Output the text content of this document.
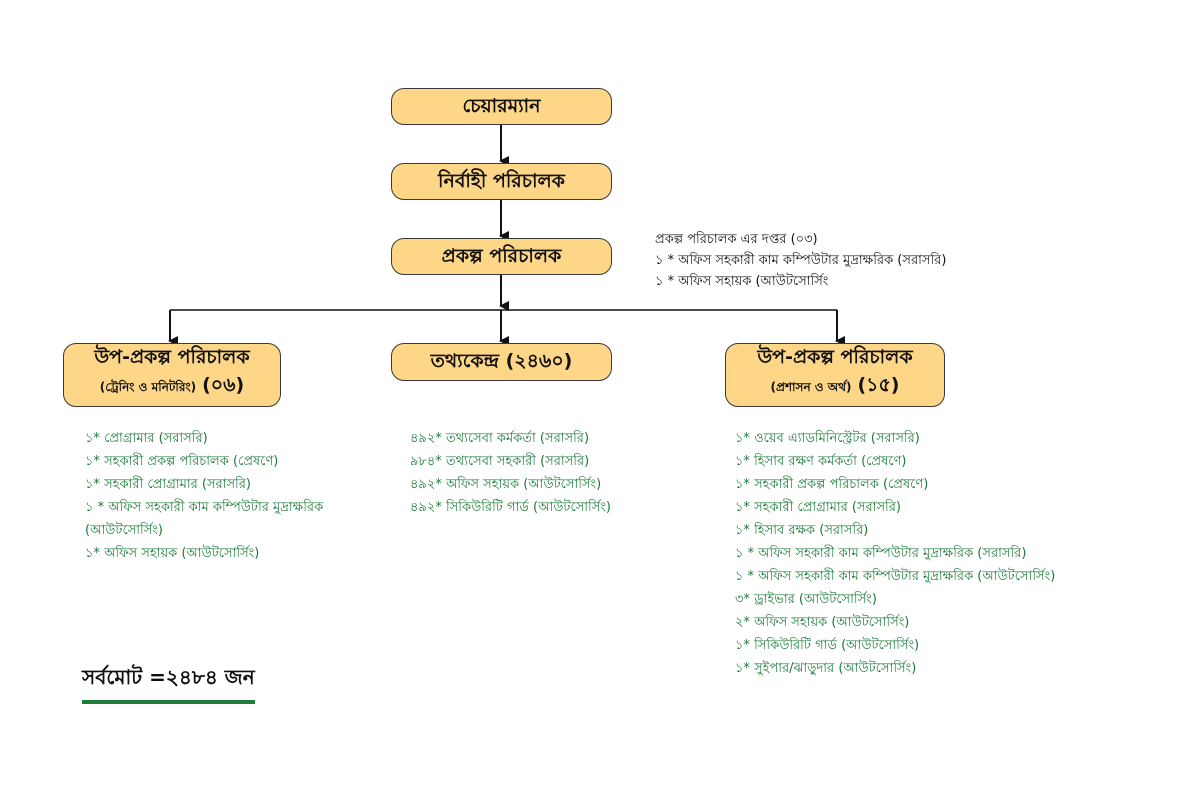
চেয়ারম্যান
নির্বাহী পরিচালক
প্রকল্প পরিচালক
প্রকল্প পরিচালক এর দপ্তর (০৩)
১ * অফিস সহকারী কাম কম্পিউটার মুদ্রাক্ষরিক (সরাসরি)
১ * অফিস সহায়ক (আউটসোর্সিং
উপ-প্রকল্প পরিচালক
(ট্রেনিং ও মনিটরিং) (০৬)
তথ্যকেন্দ্র (২৪৬০)	উপ-প্রকল্প পরিচালক
(প্রশাসন ও অর্থ) (১৫)
১* প্রোগ্রামার (সরাসরি)
১* সহকারী প্রকল্প পরিচালক (প্রেষণে)
১* সহকারী প্রোগ্রামার (সরাসরি)
১ * অফিস সহকারী কাম কম্পিউটার মুদ্রাক্ষরিক (আউটসোর্সিং)
১* অফিস সহায়ক (আউটসোর্সিং)
৪৯২* তথ্যসেবা কর্মকর্তা (সরাসরি)
৯৮৪* তথ্যসেবা সহকারী (সরাসরি)
৪৯২* অফিস সহায়ক (আউটসোর্সিং)
৪৯২* সিকিউরিটি গার্ড (আউটসোর্সিং)
১* ওয়েব এ্যাডমিনিস্ট্রেটর (সরাসরি)
১* হিসাব রক্ষণ কর্মকর্তা (প্রেষণে)
১* সহকারী প্রকল্প পরিচালক (প্রেষণে)
১* সহকারী প্রোগ্রামার (সরাসরি)
১* হিসাব রক্ষক (সরাসরি)
১ * অফিস সহকারী কাম কম্পিউটার মুদ্রাক্ষরিক (সরাসরি)
১ * অফিস সহকারী কাম কম্পিউটার মুদ্রাক্ষরিক (আউটসোর্সিং)
৩* ড্রাইভার (আউটসোর্সিং)
২* অফিস সহায়ক (আউটসোর্সিং)
১* সিকিউরিটি গার্ড (আউটসোর্সিং)
১* সুইপার/ঝাড়ুদার (আউটসোর্সিং)
সর্বমোট =২৪৮৪ জন
